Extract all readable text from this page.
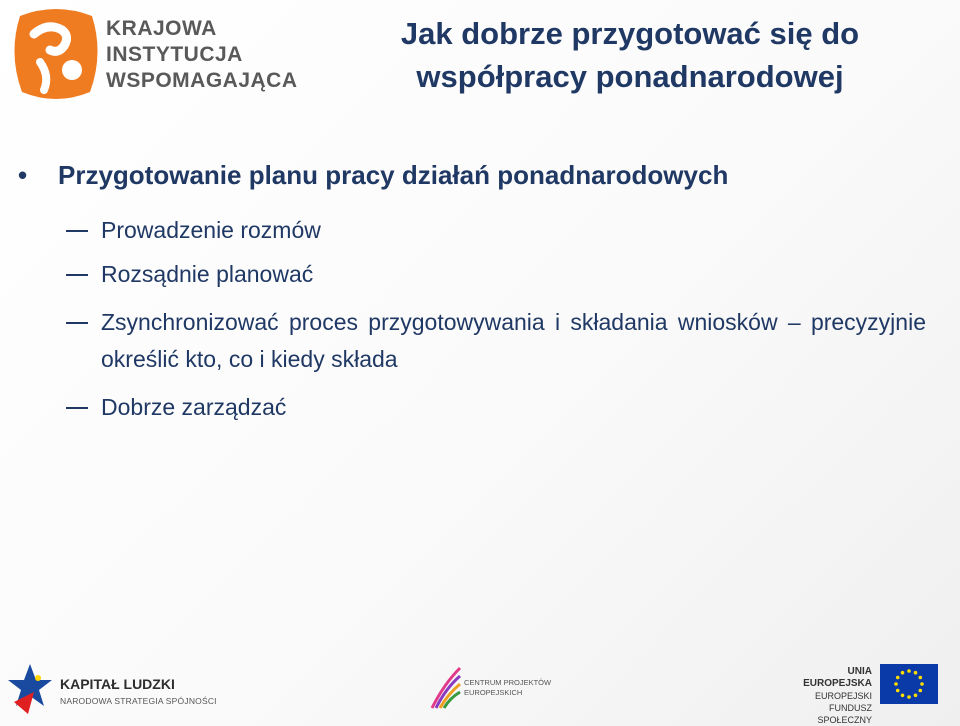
KRAJOWA
INSTYTUCJA
WSPOMAGAJĄCA
Jak dobrze przygotować się do
współpracy ponadnarodowej
• Przygotowanie planu pracy działań ponadnarodowych
Prowadzenie rozmów
Rozsądnie planować
Zsynchronizować proces przygotowywania i składania wniosków – precyzyjnie określić kto, co i kiedy składa
Dobrze zarządzać
KAPITAŁ LUDZKI
NARODOWA STRATEGIA SPÓJNOŚCI
CENTRUM PROJEKTÓW
EUROPEJSKICH
UNIA EUROPEJSKA
EUROPEJSKI
FUNDUSZ SPOŁECZNY
